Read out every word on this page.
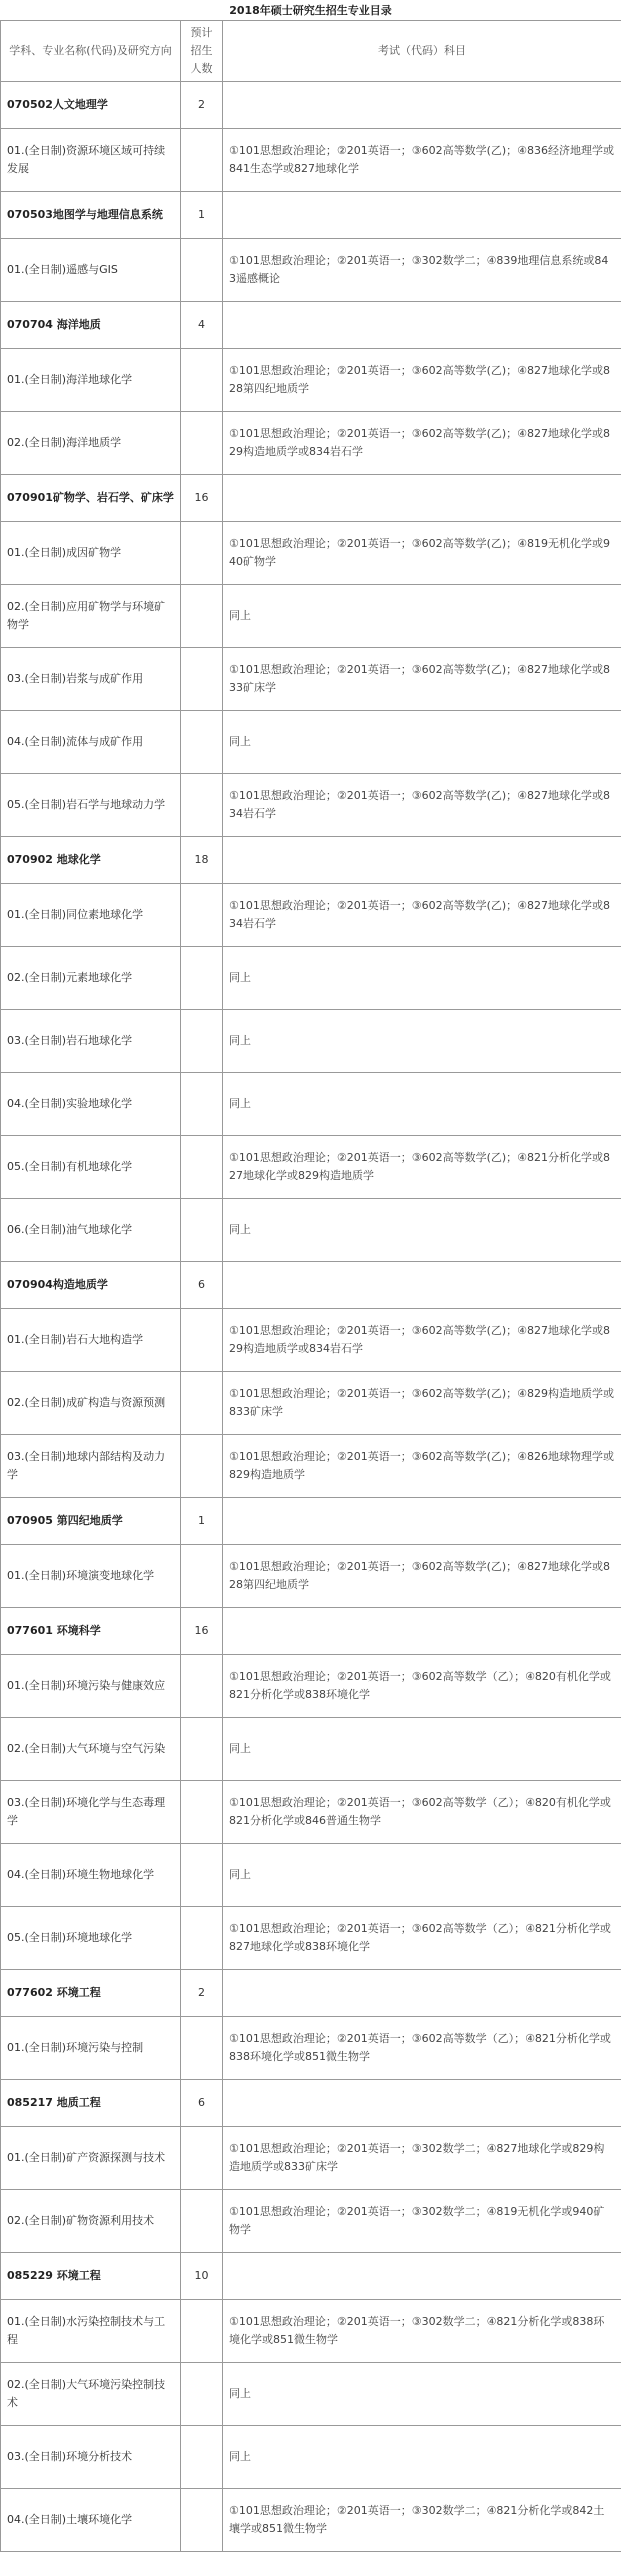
2018年硕士研究生招生专业目录
学科、专业名称(代码)及研究方向	预计招生人数	考试（代码）科目
070502人文地理学	2	
01.(全日制)资源环境区域可持续发展		①101思想政治理论；②201英语一；③602高等数学(乙)；④836经济地理学或841生态学或827地球化学
070503地图学与地理信息系统	1	
01.(全日制)遥感与GIS		①101思想政治理论；②201英语一；③302数学二；④839地理信息系统或843遥感概论
070704 海洋地质	4	
01.(全日制)海洋地球化学		①101思想政治理论；②201英语一；③602高等数学(乙)；④827地球化学或828第四纪地质学
02.(全日制)海洋地质学		①101思想政治理论；②201英语一；③602高等数学(乙)；④827地球化学或829构造地质学或834岩石学
070901矿物学、岩石学、矿床学	16	
01.(全日制)成因矿物学		①101思想政治理论；②201英语一；③602高等数学(乙)；④819无机化学或940矿物学
02.(全日制)应用矿物学与环境矿物学		同上
03.(全日制)岩浆与成矿作用		①101思想政治理论；②201英语一；③602高等数学(乙)；④827地球化学或833矿床学
04.(全日制)流体与成矿作用		同上
05.(全日制)岩石学与地球动力学		①101思想政治理论；②201英语一；③602高等数学(乙)；④827地球化学或834岩石学
070902 地球化学	18	
01.(全日制)同位素地球化学		①101思想政治理论；②201英语一；③602高等数学(乙)；④827地球化学或834岩石学
02.(全日制)元素地球化学		同上
03.(全日制)岩石地球化学		同上
04.(全日制)实验地球化学		同上
05.(全日制)有机地球化学		①101思想政治理论；②201英语一；③602高等数学(乙)；④821分析化学或827地球化学或829构造地质学
06.(全日制)油气地球化学		同上
070904构造地质学	6	
01.(全日制)岩石大地构造学		①101思想政治理论；②201英语一；③602高等数学(乙)；④827地球化学或829构造地质学或834岩石学
02.(全日制)成矿构造与资源预测		①101思想政治理论；②201英语一；③602高等数学(乙)；④829构造地质学或833矿床学
03.(全日制)地球内部结构及动力学		①101思想政治理论；②201英语一；③602高等数学(乙)；④826地球物理学或829构造地质学
070905 第四纪地质学	1	
01.(全日制)环境演变地球化学		①101思想政治理论；②201英语一；③602高等数学(乙)；④827地球化学或828第四纪地质学
077601 环境科学	16	
01.(全日制)环境污染与健康效应		①101思想政治理论；②201英语一；③602高等数学（乙）；④820有机化学或821分析化学或838环境化学
02.(全日制)大气环境与空气污染		同上
03.(全日制)环境化学与生态毒理学		①101思想政治理论；②201英语一；③602高等数学（乙）；④820有机化学或821分析化学或846普通生物学
04.(全日制)环境生物地球化学		同上
05.(全日制)环境地球化学		①101思想政治理论；②201英语一；③602高等数学（乙）；④821分析化学或827地球化学或838环境化学
077602 环境工程	2	
01.(全日制)环境污染与控制		①101思想政治理论；②201英语一；③602高等数学（乙）；④821分析化学或838环境化学或851微生物学
085217 地质工程	6	
01.(全日制)矿产资源探测与技术		①101思想政治理论；②201英语一；③302数学二；④827地球化学或829构造地质学或833矿床学
02.(全日制)矿物资源利用技术		①101思想政治理论；②201英语一；③302数学二；④819无机化学或940矿物学
085229 环境工程	10	
01.(全日制)水污染控制技术与工程		①101思想政治理论；②201英语一；③302数学二；④821分析化学或838环境化学或851微生物学
02.(全日制)大气环境污染控制技术		同上
03.(全日制)环境分析技术		同上
04.(全日制)土壤环境化学		①101思想政治理论；②201英语一；③302数学二；④821分析化学或842土壤学或851微生物学
